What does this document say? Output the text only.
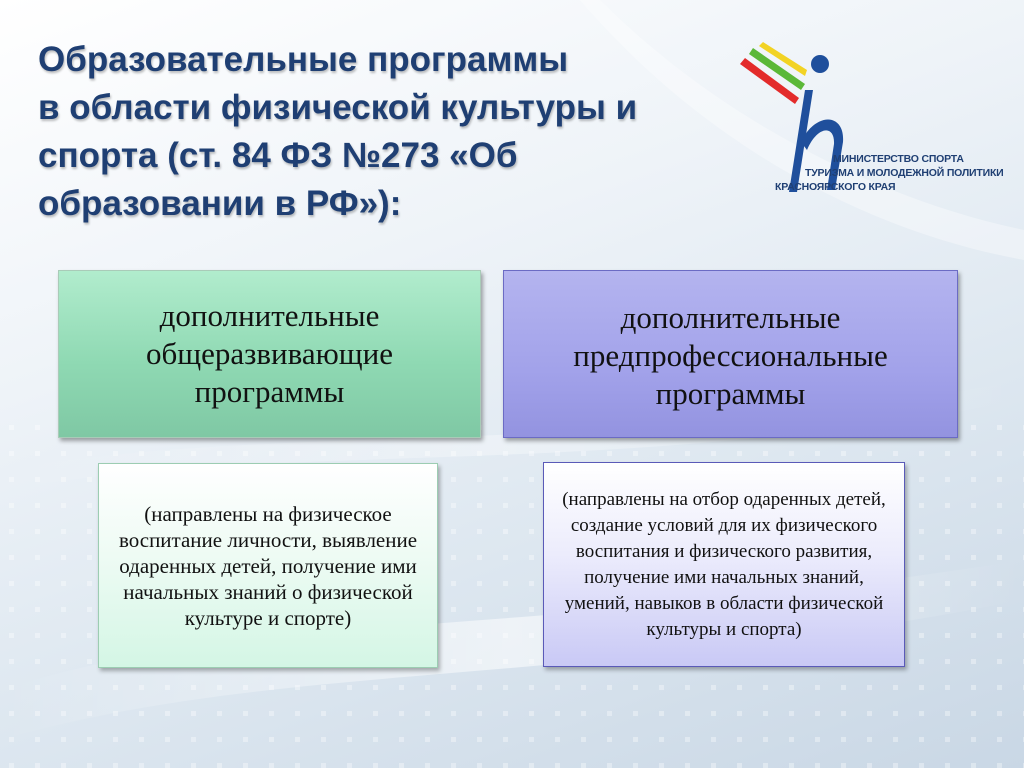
Образовательные программы
в области физической культуры и
спорта (ст. 84 ФЗ №273 «Об
образовании в РФ»):
МИНИСТЕРСТВО СПОРТА
ТУРИЗМА И МОЛОДЕЖНОЙ ПОЛИТИКИ
КРАСНОЯРСКОГО КРАЯ
дополнительные общеразвивающие программы
дополнительные предпрофессиональные программы
(направлены на физическое воспитание личности, выявление одаренных детей, получение ими начальных знаний о физической культуре и спорте)
(направлены на отбор одаренных детей, создание условий для их физического воспитания и физического развития, получение ими начальных знаний, умений, навыков в области физической культуры и спорта)
